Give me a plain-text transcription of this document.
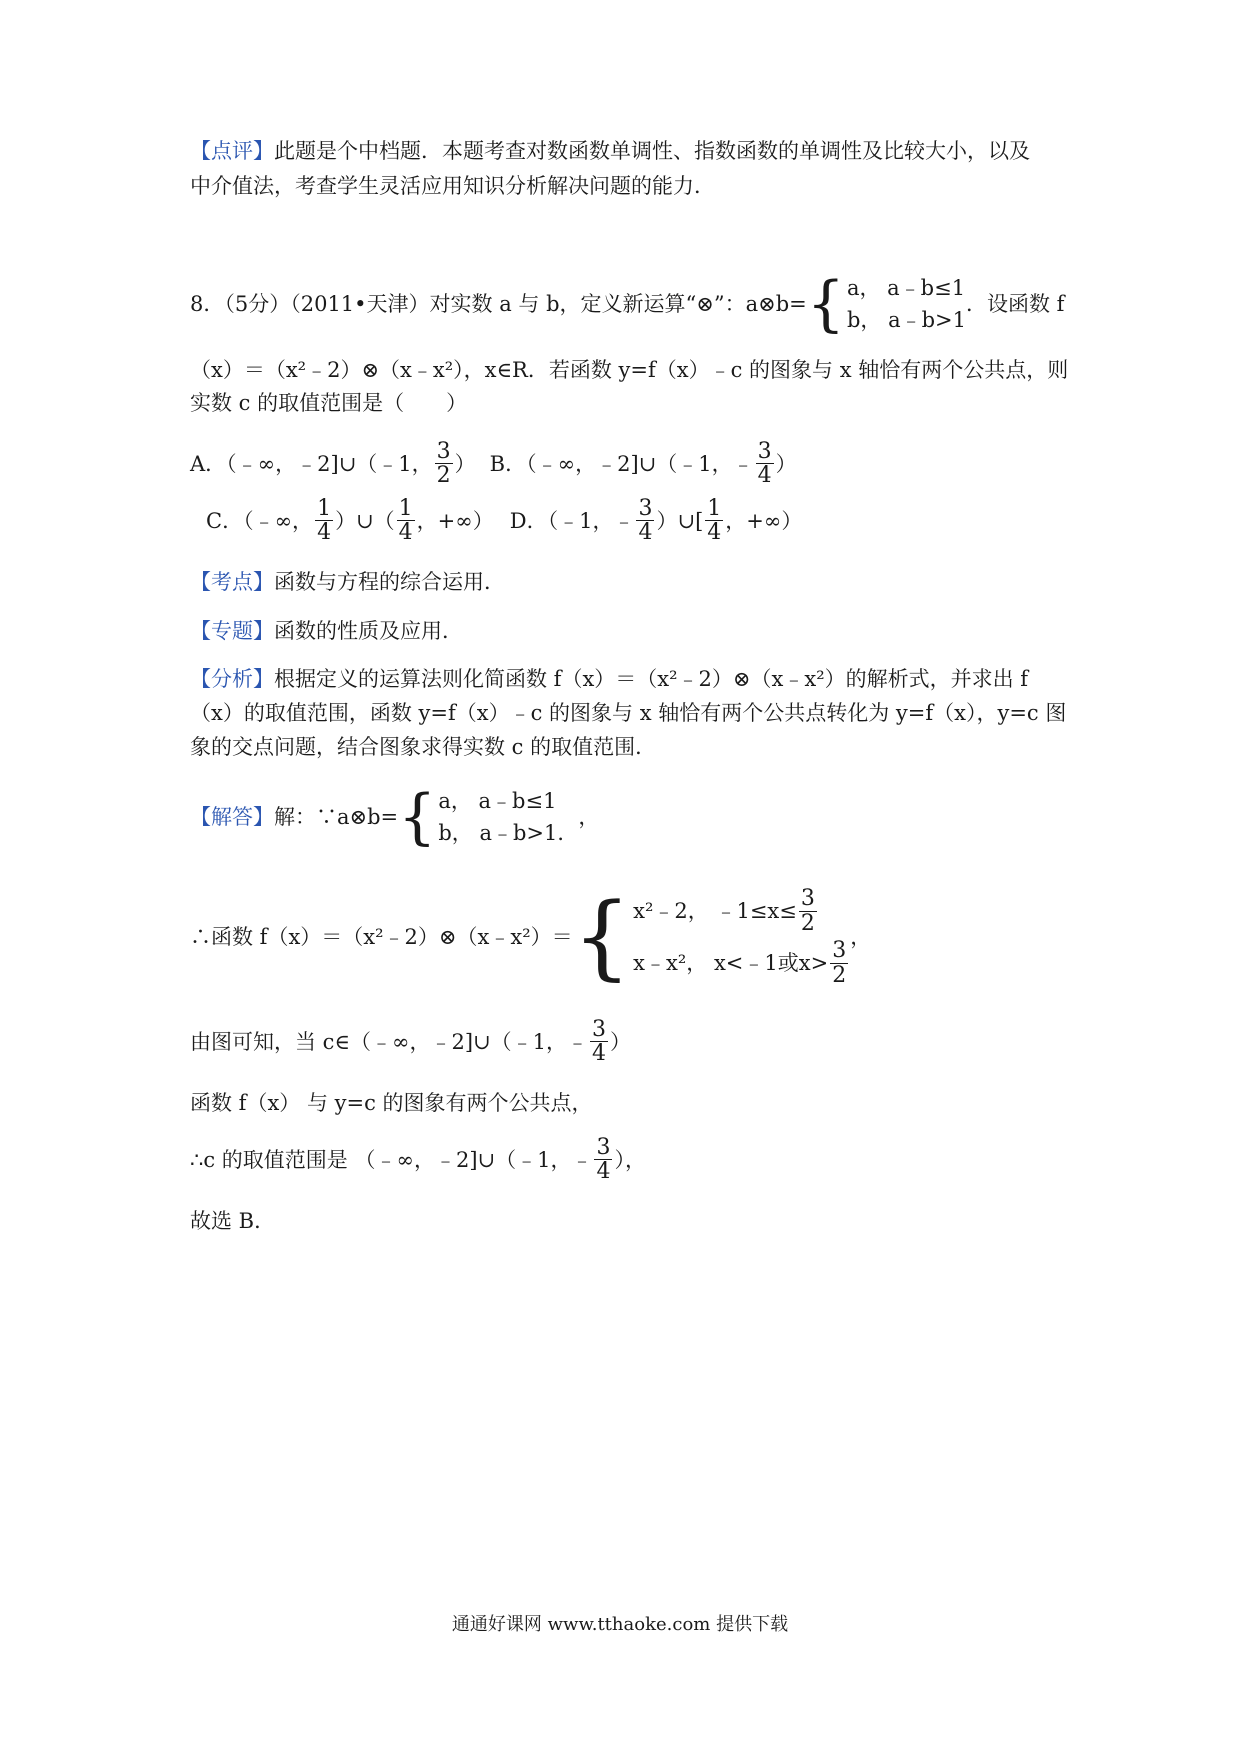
【点评】此题是个中档题．本题考查对数函数单调性、指数函数的单调性及比较大小，以及
中介值法，考查学生灵活应用知识分析解决问题的能力．
8．（5分）（2011•天津）对实数 a 与 b，定义新运算“⊗”：a⊗b= { a， a﹣b≤1
b， a﹣b>1
．设函数 f
（x）＝（x²﹣2）⊗（x﹣x²），x∈R．若函数 y=f（x）﹣c 的图象与 x 轴恰有两个公共点，则
实数 c 的取值范围是（　　）
A．（﹣∞，﹣2]∪（﹣1， $\frac{3}{2}$ ） B．（﹣∞，﹣2]∪（﹣1，﹣ $\frac{3}{4}$ ）
C．（﹣∞， $\frac{1}{4}$ ）∪（ $\frac{1}{4}$ ，+∞） D．（﹣1，﹣ $\frac{3}{4}$ ）∪[ $\frac{1}{4}$ ，+∞）
【考点】函数与方程的综合运用．
【专题】函数的性质及应用．
【分析】根据定义的运算法则化简函数 f（x）＝（x²﹣2）⊗（x﹣x²）的解析式，并求出 f
（x）的取值范围，函数 y=f（x）﹣c 的图象与 x 轴恰有两个公共点转化为 y=f（x），y=c 图
象的交点问题，结合图象求得实数 c 的取值范围．
【解答】 解：∵a⊗b= { a， a﹣b≤1
b， a﹣b>1．
，
∴函数 f（x）＝（x²﹣2）⊗（x﹣x²）＝ { x²﹣2， ﹣1≤x≤ $\frac{3}{2}$
x﹣x²， x<﹣1或$x> \frac{3}{2}$
，
由图可知，当 c∈（﹣∞，﹣2]∪（﹣1，﹣ $\frac{3}{4}$ ）
函数 f（x） 与 y=c 的图象有两个公共点，
∴c 的取值范围是 （﹣∞，﹣2]∪（﹣1，﹣ $\frac{3}{4}$ ），
故选 B．
通通好课网 www.tthaoke.com 提供下载
